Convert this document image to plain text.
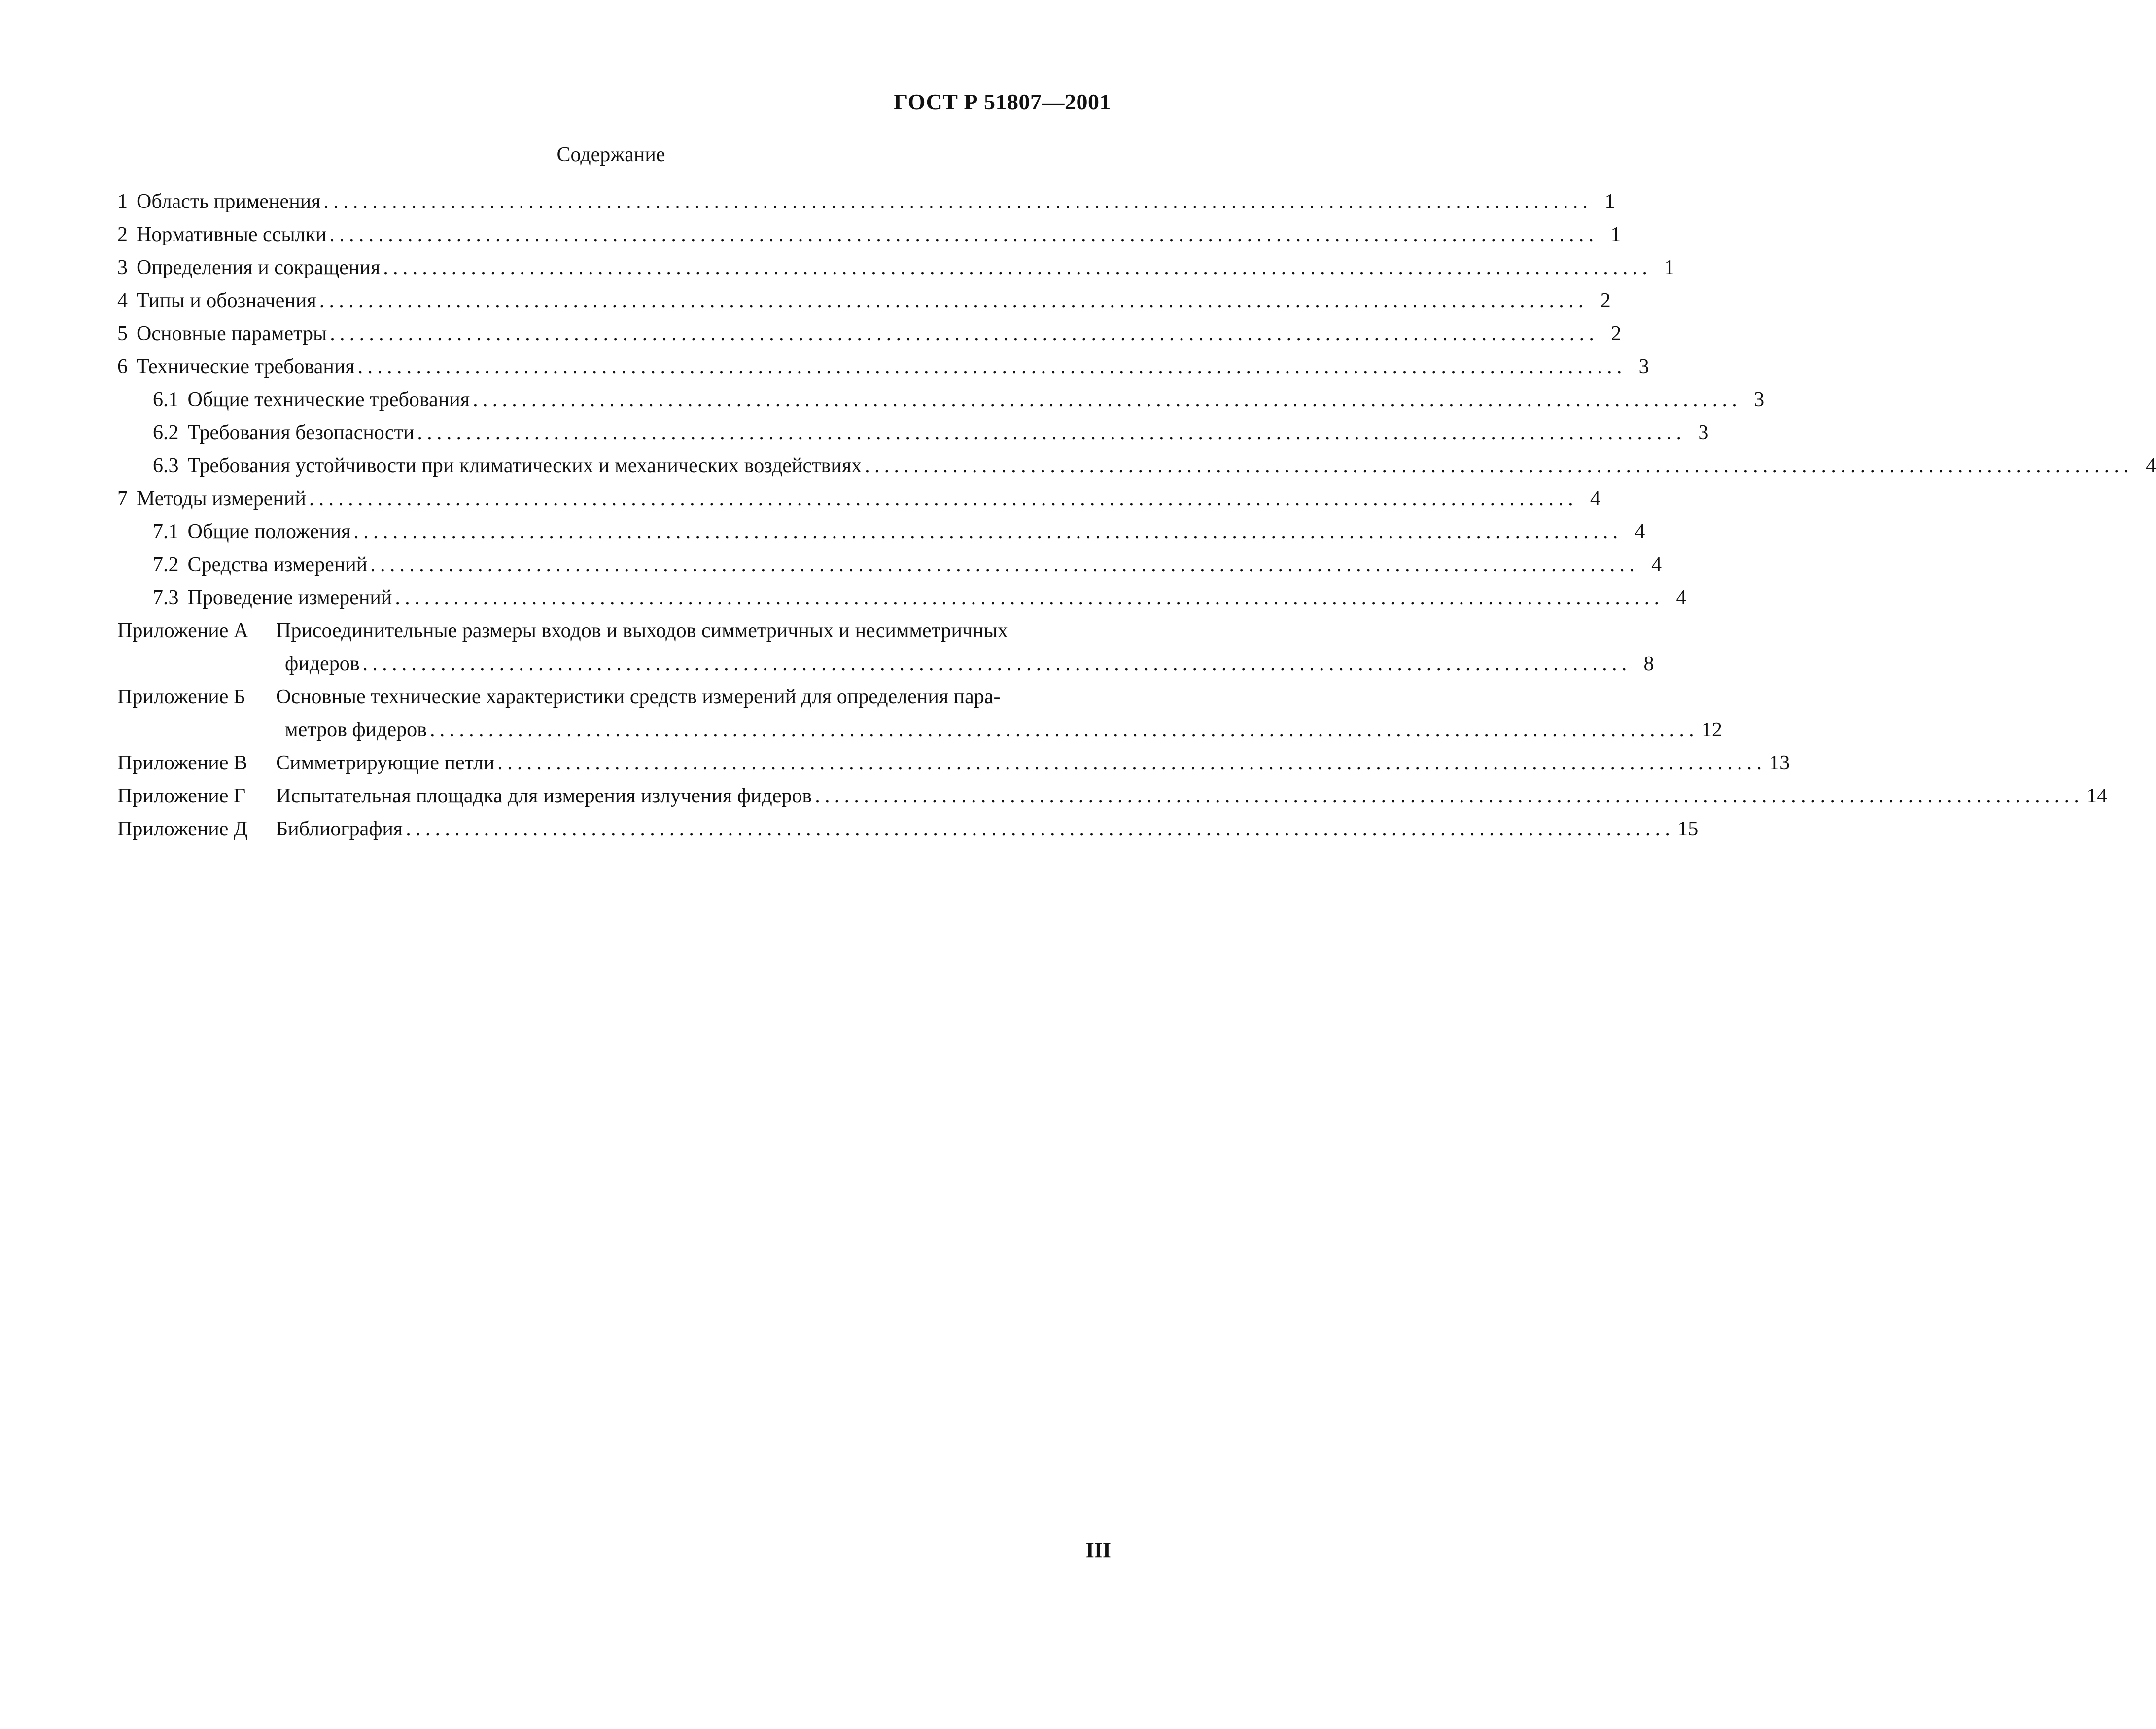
ГОСТ Р 51807—2001
Содержание
1 Область применения .................................................................................................................................. 1
2 Нормативные ссылки .................................................................................................................................. 1
3 Определения и сокращения .................................................................................................................................. 1
4 Типы и обозначения .................................................................................................................................. 2
5 Основные параметры .................................................................................................................................. 2
6 Технические требования .................................................................................................................................. 3
6.1 Общие технические требования .................................................................................................................................. 3
6.2 Требования безопасности .................................................................................................................................. 3
6.3 Требования устойчивости при климатических и механических воздействиях .................................................................................................................................. 4
7 Методы измерений .................................................................................................................................. 4
7.1 Общие положения .................................................................................................................................. 4
7.2 Средства измерений .................................................................................................................................. 4
7.3 Проведение измерений .................................................................................................................................. 4
Приложение А	Присоединительные размеры входов и выходов симметричных и несимметричных
фидеров .................................................................................................................................. 8
Приложение Б	Основные технические характеристики средств измерений для определения пара-
метров фидеров .................................................................................................................................. 12
Приложение В	Симметрирующие петли .................................................................................................................................. 13
Приложение Г	Испытательная площадка для измерения излучения фидеров .................................................................................................................................. 14
Приложение Д	Библиография .................................................................................................................................. 15
III
